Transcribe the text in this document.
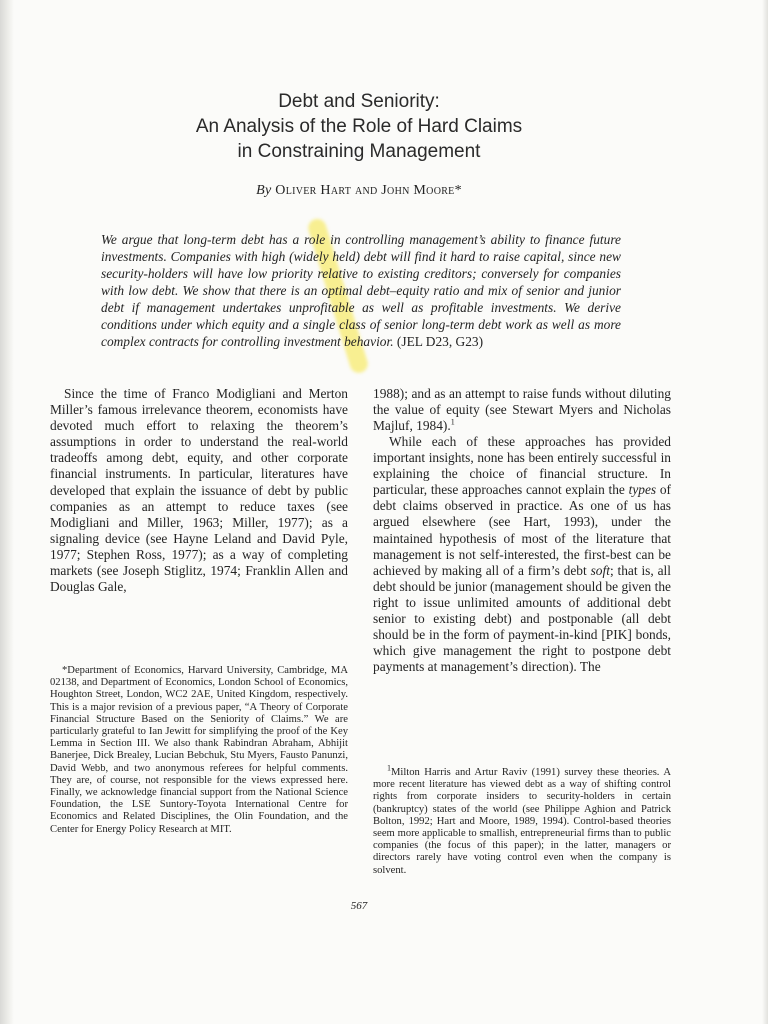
Debt and Seniority:
An Analysis of the Role of Hard Claims
in Constraining Management
By Oliver Hart and John Moore*
We argue that long-term debt has a role in controlling management’s ability to finance future investments. Companies with high (widely held) debt will find it hard to raise capital, since new security-holders will have low priority relative to existing creditors; conversely for companies with low debt. We show that there is an optimal debt–equity ratio and mix of senior and junior debt if management undertakes unprofitable as well as profitable investments. We derive conditions under which equity and a single class of senior long-term debt work as well as more complex contracts for controlling investment behavior. (JEL D23, G23)
Since the time of Franco Modigliani and Merton Miller’s famous irrelevance theorem, economists have devoted much effort to relaxing the theorem’s assumptions in order to understand the real-world tradeoffs among debt, equity, and other corporate financial instruments. In particular, literatures have developed that explain the issuance of debt by public companies as an attempt to reduce taxes (see Modigliani and Miller, 1963; Miller, 1977); as a signaling device (see Hayne Leland and David Pyle, 1977; Stephen Ross, 1977); as a way of completing markets (see Joseph Stiglitz, 1974; Franklin Allen and Douglas Gale,
1988); and as an attempt to raise funds without diluting the value of equity (see Stewart Myers and Nicholas Majluf, 1984).$^1$
While each of these approaches has provided important insights, none has been entirely successful in explaining the choice of financial structure. In particular, these approaches cannot explain the types of debt claims observed in practice. As one of us has argued elsewhere (see Hart, 1993), under the maintained hypothesis of most of the literature that management is not self-interested, the first-best can be achieved by making all of a firm’s debt soft; that is, all debt should be junior (management should be given the right to issue unlimited amounts of additional debt senior to existing debt) and postponable (all debt should be in the form of payment-in-kind [PIK] bonds, which give management the right to postpone debt payments at management’s direction). The
*Department of Economics, Harvard University, Cambridge, MA 02138, and Department of Economics, London School of Economics, Houghton Street, London, WC2 2AE, United Kingdom, respectively. This is a major revision of a previous paper, “A Theory of Corporate Financial Structure Based on the Seniority of Claims.” We are particularly grateful to Ian Jewitt for simplifying the proof of the Key Lemma in Section III. We also thank Rabindran Abraham, Abhijit Banerjee, Dick Brealey, Lucian Bebchuk, Stu Myers, Fausto Panunzi, David Webb, and two anonymous referees for helpful comments. They are, of course, not responsible for the views expressed here. Finally, we acknowledge financial support from the National Science Foundation, the LSE Suntory-Toyota International Centre for Economics and Related Disciplines, the Olin Foundation, and the Center for Energy Policy Research at MIT.
$^1$Milton Harris and Artur Raviv (1991) survey these theories. A more recent literature has viewed debt as a way of shifting control rights from corporate insiders to security-holders in certain (bankruptcy) states of the world (see Philippe Aghion and Patrick Bolton, 1992; Hart and Moore, 1989, 1994). Control-based theories seem more applicable to smallish, entrepreneurial firms than to public companies (the focus of this paper); in the latter, managers or directors rarely have voting control even when the company is solvent.
567
